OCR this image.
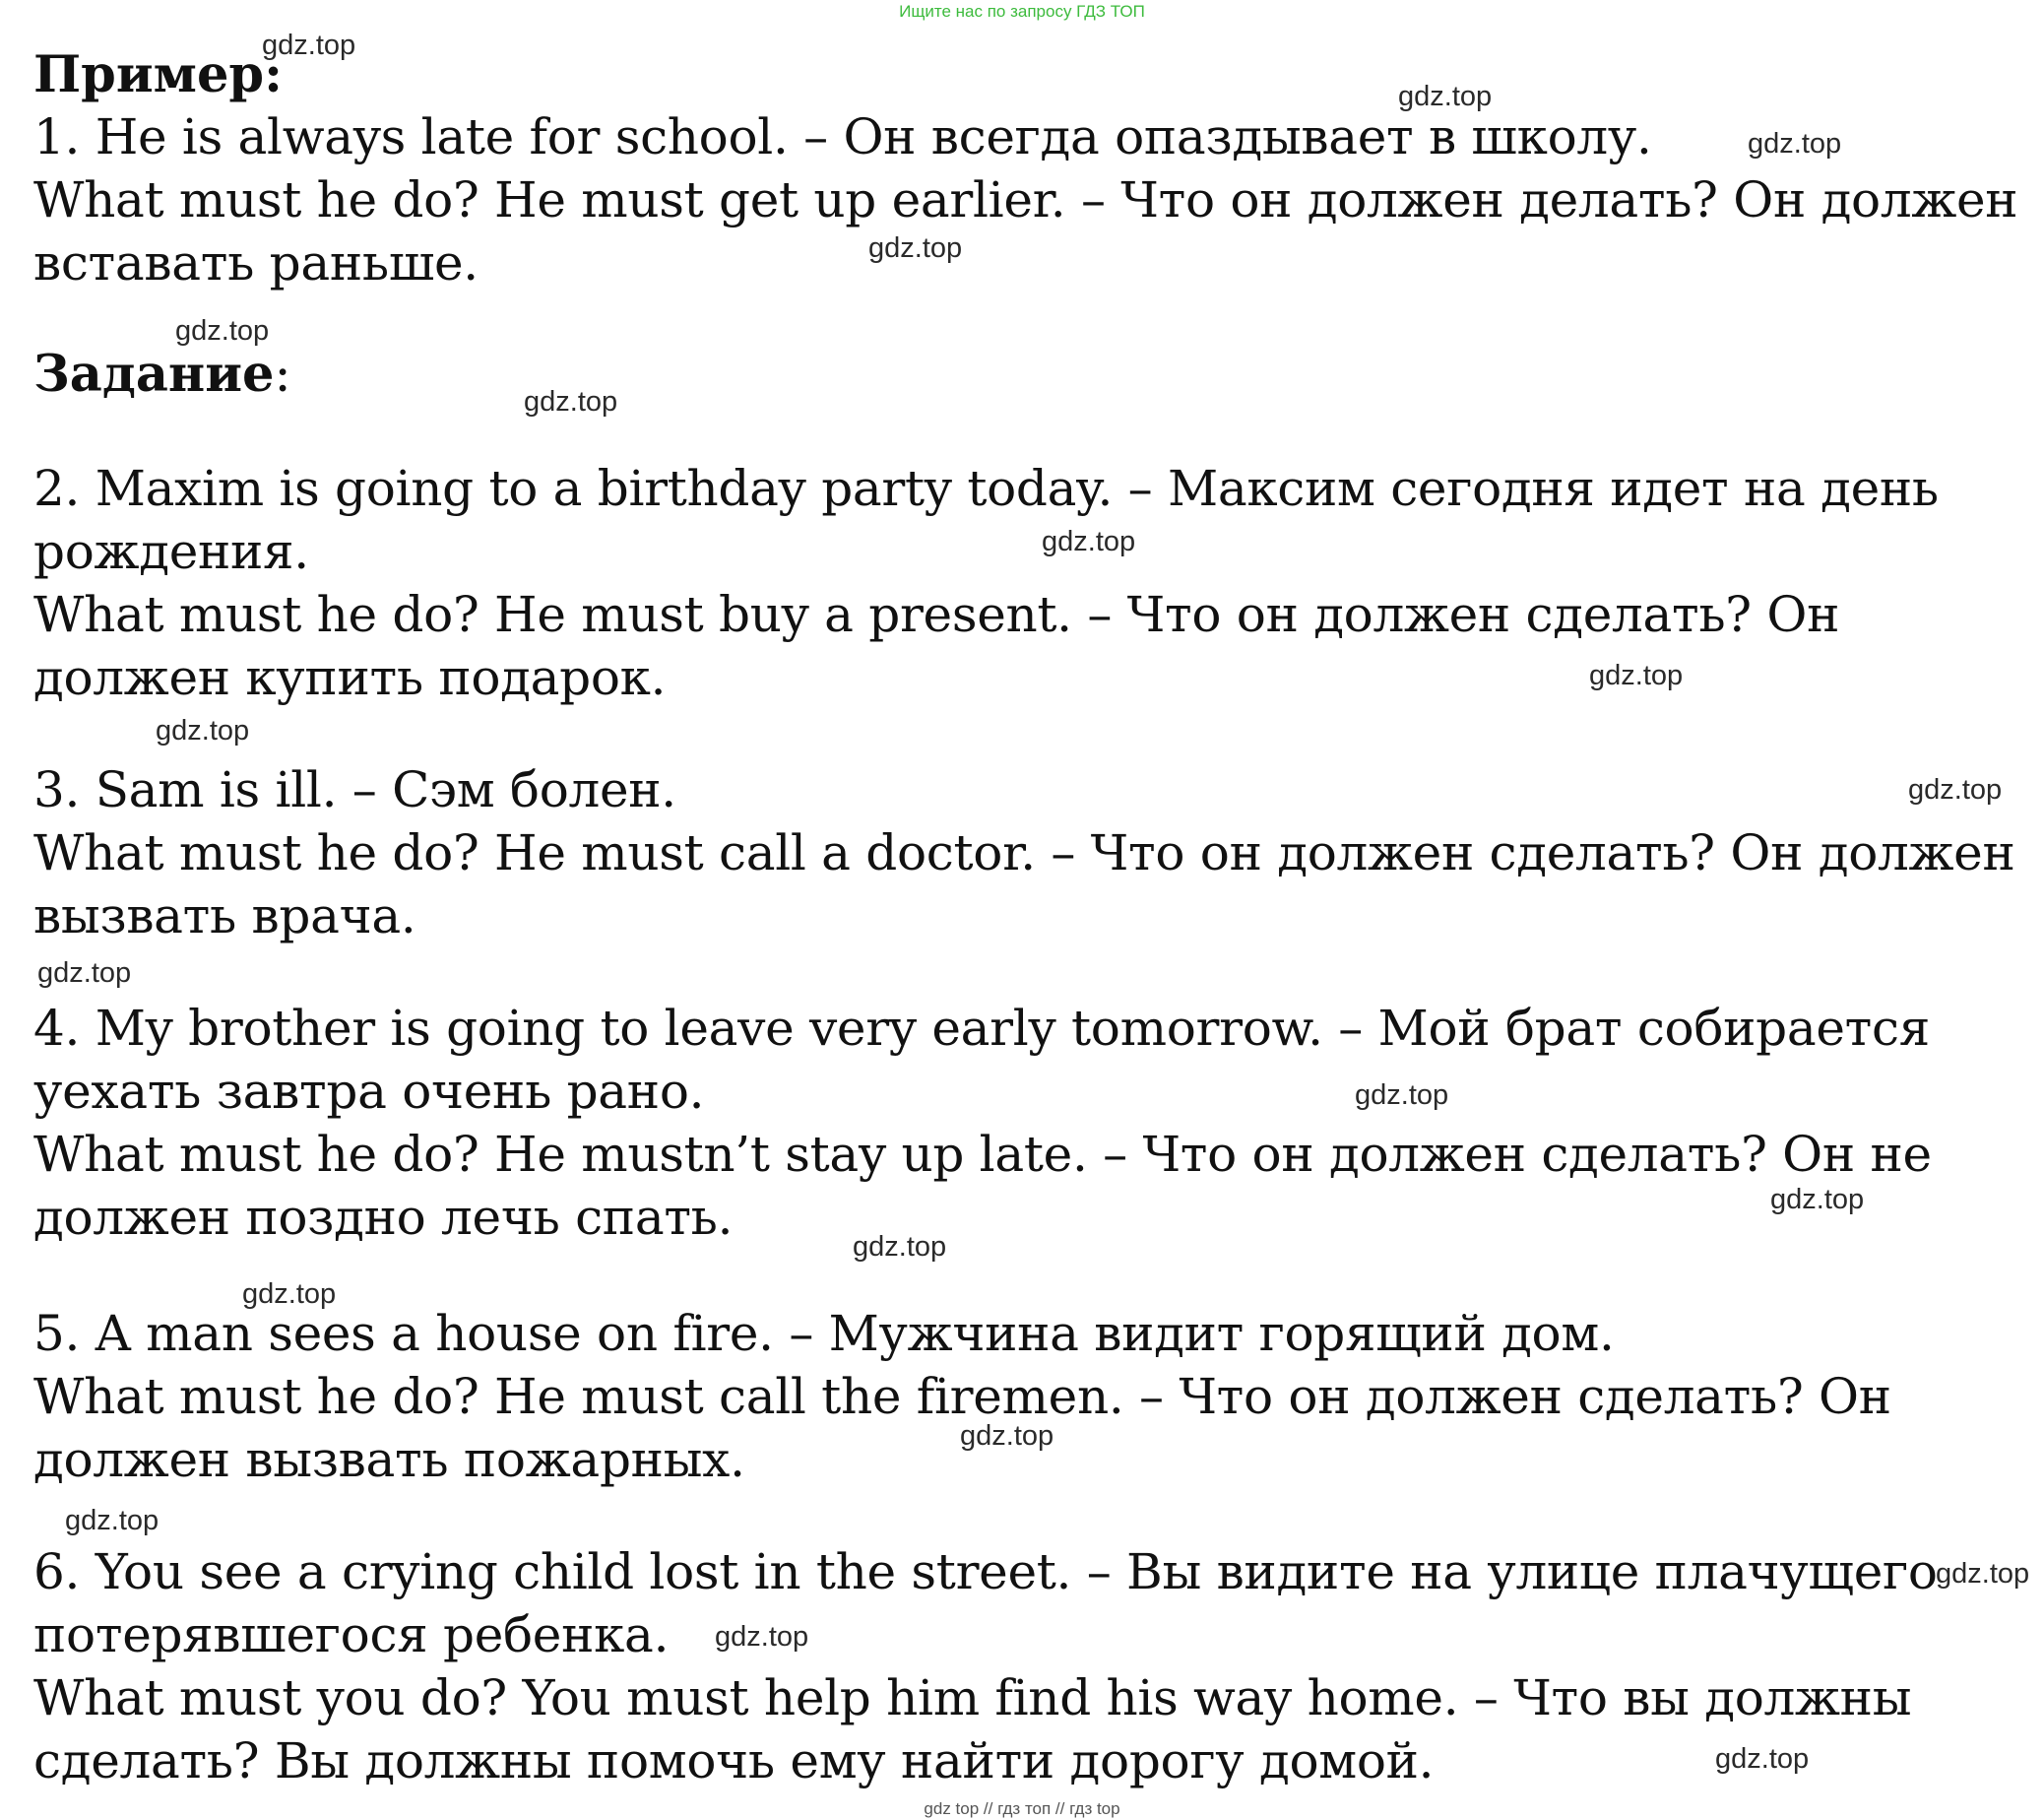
Ищите нас по запросу ГДЗ ТОП
Пример:
1. He is always late for school. – Он всегда опаздывает в школу.
What must he do? He must get up earlier. – Что он должен делать? Он должен
вставать раньше.
Задание:
2. Maxim is going to a birthday party today. – Максим сегодня идет на день
рождения.
What must he do? He must buy a present. – Что он должен сделать? Он
должен купить подарок.
3. Sam is ill. – Сэм болен.
What must he do? He must call a doctor. – Что он должен сделать? Он должен
вызвать врача.
4. My brother is going to leave very early tomorrow. – Мой брат собирается
уехать завтра очень рано.
What must he do? He mustn’t stay up late. – Что он должен сделать? Он не
должен поздно лечь спать.
5. A man sees a house on fire. – Мужчина видит горящий дом.
What must he do? He must call the firemen. – Что он должен сделать? Он
должен вызвать пожарных.
6. You see a crying child lost in the street. – Вы видите на улице плачущего
потерявшегося ребенка.
What must you do? You must help him find his way home. – Что вы должны
сделать? Вы должны помочь ему найти дорогу домой.
gdz.top
gdz.top
gdz.top
gdz.top
gdz.top
gdz.top
gdz.top
gdz.top
gdz.top
gdz.top
gdz.top
gdz.top
gdz.top
gdz.top
gdz.top
gdz.top
gdz.top
gdz.top
gdz.top
gdz.top
gdz top // гдз топ // гдз top
